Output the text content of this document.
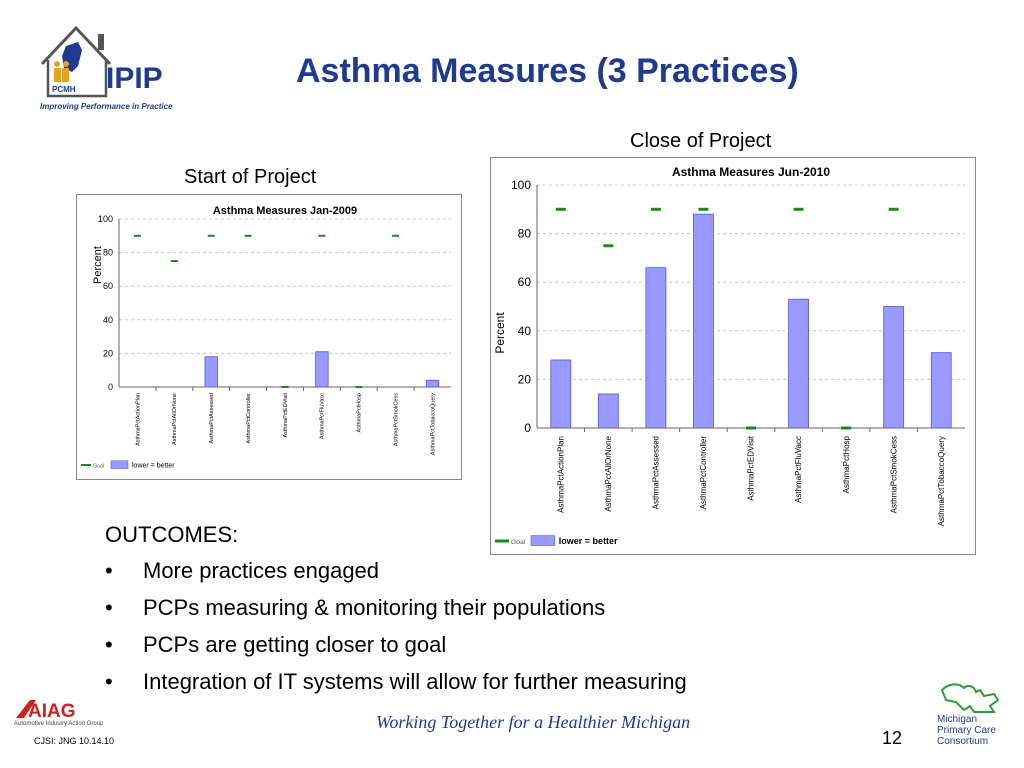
PCMH IPIP
Improving Performance in Practice
Asthma Measures (3 Practices)
Start of Project
Close of Project
Asthma Measures Jan-2009
0
20
40
60
80
100
Percent
AsthmaPctActionPlan	AsthmaPctAllOrNone	AsthmaPctAssessed	AsthmaPctController	AsthmaPctEDVisit	AsthmaPctFluVacc	AsthmaPctHosp	AsthmaPctSmokCess	AsthmaPctTobaccoQuery
Goal	lower = better
Asthma Measures Jun-2010
0
20
40
60
80
100
Percent
AsthmaPctActionPlan	AsthmaPctAllOrNone	AsthmaPctAssessed	AsthmaPctController	AsthmaPctEDVisit	AsthmaPctFluVacc	AsthmaPctHosp	AsthmaPctSmokCess	AsthmaPctTobaccoQuery
Goal	lower = better
OUTCOMES:
• More practices engaged
• PCPs measuring & monitoring their populations
• PCPs are getting closer to goal
• Integration of IT systems will allow for further measuring
Working Together for a Healthier Michigan
12
CJSI: JNG 10.14.10
AIAG
Automotive Industry Action Group	Michigan
Primary Care
Consortium
